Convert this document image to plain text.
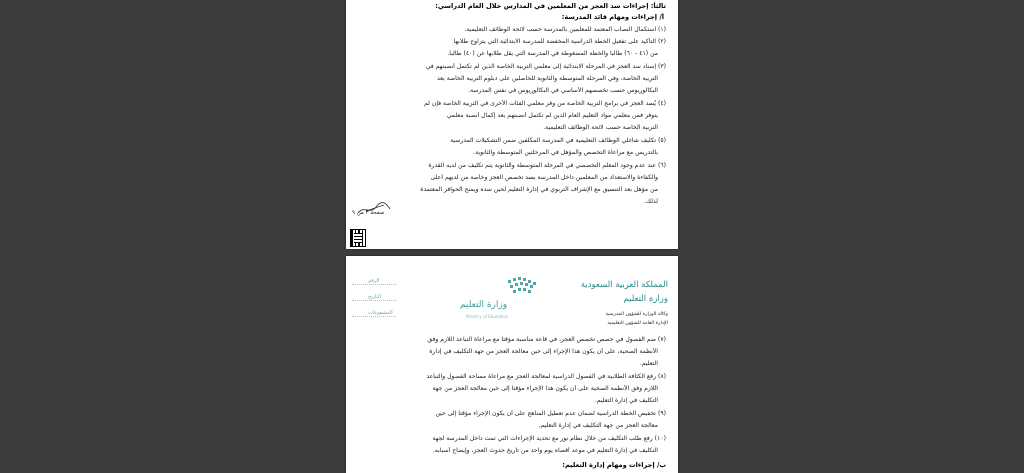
ثالثاً: إجراءات سد العجز من المعلمين في المدارس خلال العام الدراسي:
أ/ إجراءات ومهام قائد المدرسة:
(١) استكمال النصاب المعتمد للمعلمين بالمدرسة حسب لائحة الوظائف التعليمية.
(٢) التأكيد على تفعيل الخطة الدراسية المخفضة للمدرسة الابتدائية التي يتراوح طلابها
من (٤١ - ٦٠) طالباً والخطة المضغوطة في المدرسة التي يقل طلابها عن (٤٠) طالباً.
(٣) إسناد سد العجز في المرحلة الابتدائية إلى معلمي التربية الخاصة الذين لم تكتمل أنصبتهم في
التربية الخاصة، وفي المرحلة المتوسطة والثانوية للحاصلين على دبلوم التربية الخاصة بعد
البكالوريوس حسب تخصصهم الأساسي في البكالوريوس في نفس المدرسة.
(٤) يُسد العجز في برامج التربية الخاصة من وفر معلمي الفئات الأخرى في التربية الخاصة فإن لم
يتوفر فمن معلمي مواد التعليم العام الذين لم تكتمل أنصبتهم بعد إكمال أنصبة معلمي
التربية الخاصة حسب لائحة الوظائف التعليمية.
(٥) تكليف شاغلي الوظائف التعليمية في المدرسة المكلفين ضمن التشكيلات المدرسية
بالتدريس مع مراعاة التخصص والمؤهل في المرحلتين المتوسطة والثانوية.
(٦) عند عدم وجود المعلم التخصصي في المرحلة المتوسطة والثانوية يتم تكليف من لديه القدرة
والكفاءة والاستعداد من المعلمين داخل المدرسة بسد تخصص العجز وخاصة من لديهم أعلى
من مؤهل بعد التنسيق مع الإشراف التربوي في إدارة التعليم لحين سده ويمنح الحوافز المعتمدة
لذلك.
صفحة ٣ من ٩
المملكة العربية السعودية
وزارة التعليم
وكالة الوزارة للشؤون المدرسية
الإدارة العامة للشؤون التعليمية
وزارة التعليم
Ministry of Education
الرقم
التاريخ
المشفوعات
(٧) ضم الفصول في حصص تخصص العجز، في قاعة مناسبة مؤقتاً مع مراعاة التباعد اللازم وفق
الأنظمة الصحية، على أن يكون هذا الإجراء إلى حين معالجة العجز من جهة التكليف في إدارة
التعليم.
(٨) رفع الكثافة الطلابية في الفصول الدراسية لمعالجة العجز مع مراعاة مساحة الفصول والتباعد
اللازم وفق الأنظمة الصحية على أن يكون هذا الإجراء مؤقتاً إلى حين معالجة العجز من جهة
التكليف في إدارة التعليم.
(٩) تخفيض الخطة الدراسية لضمان عدم تعطيل المناهج على أن يكون الإجراء مؤقتاً إلى حين
معالجة العجز من جهة التكليف في إدارة التعليم.
(١٠) رفع طلب التكليف من خلال نظام نور مع تحديد الإجراءات التي تمت داخل المدرسة لجهة
التكليف في إدارة التعليم في موعد أقصاه يوم واحد من تاريخ حدوث العجز، وإيضاح أسبابه.
ب/ إجراءات ومهام إدارة التعليم:
